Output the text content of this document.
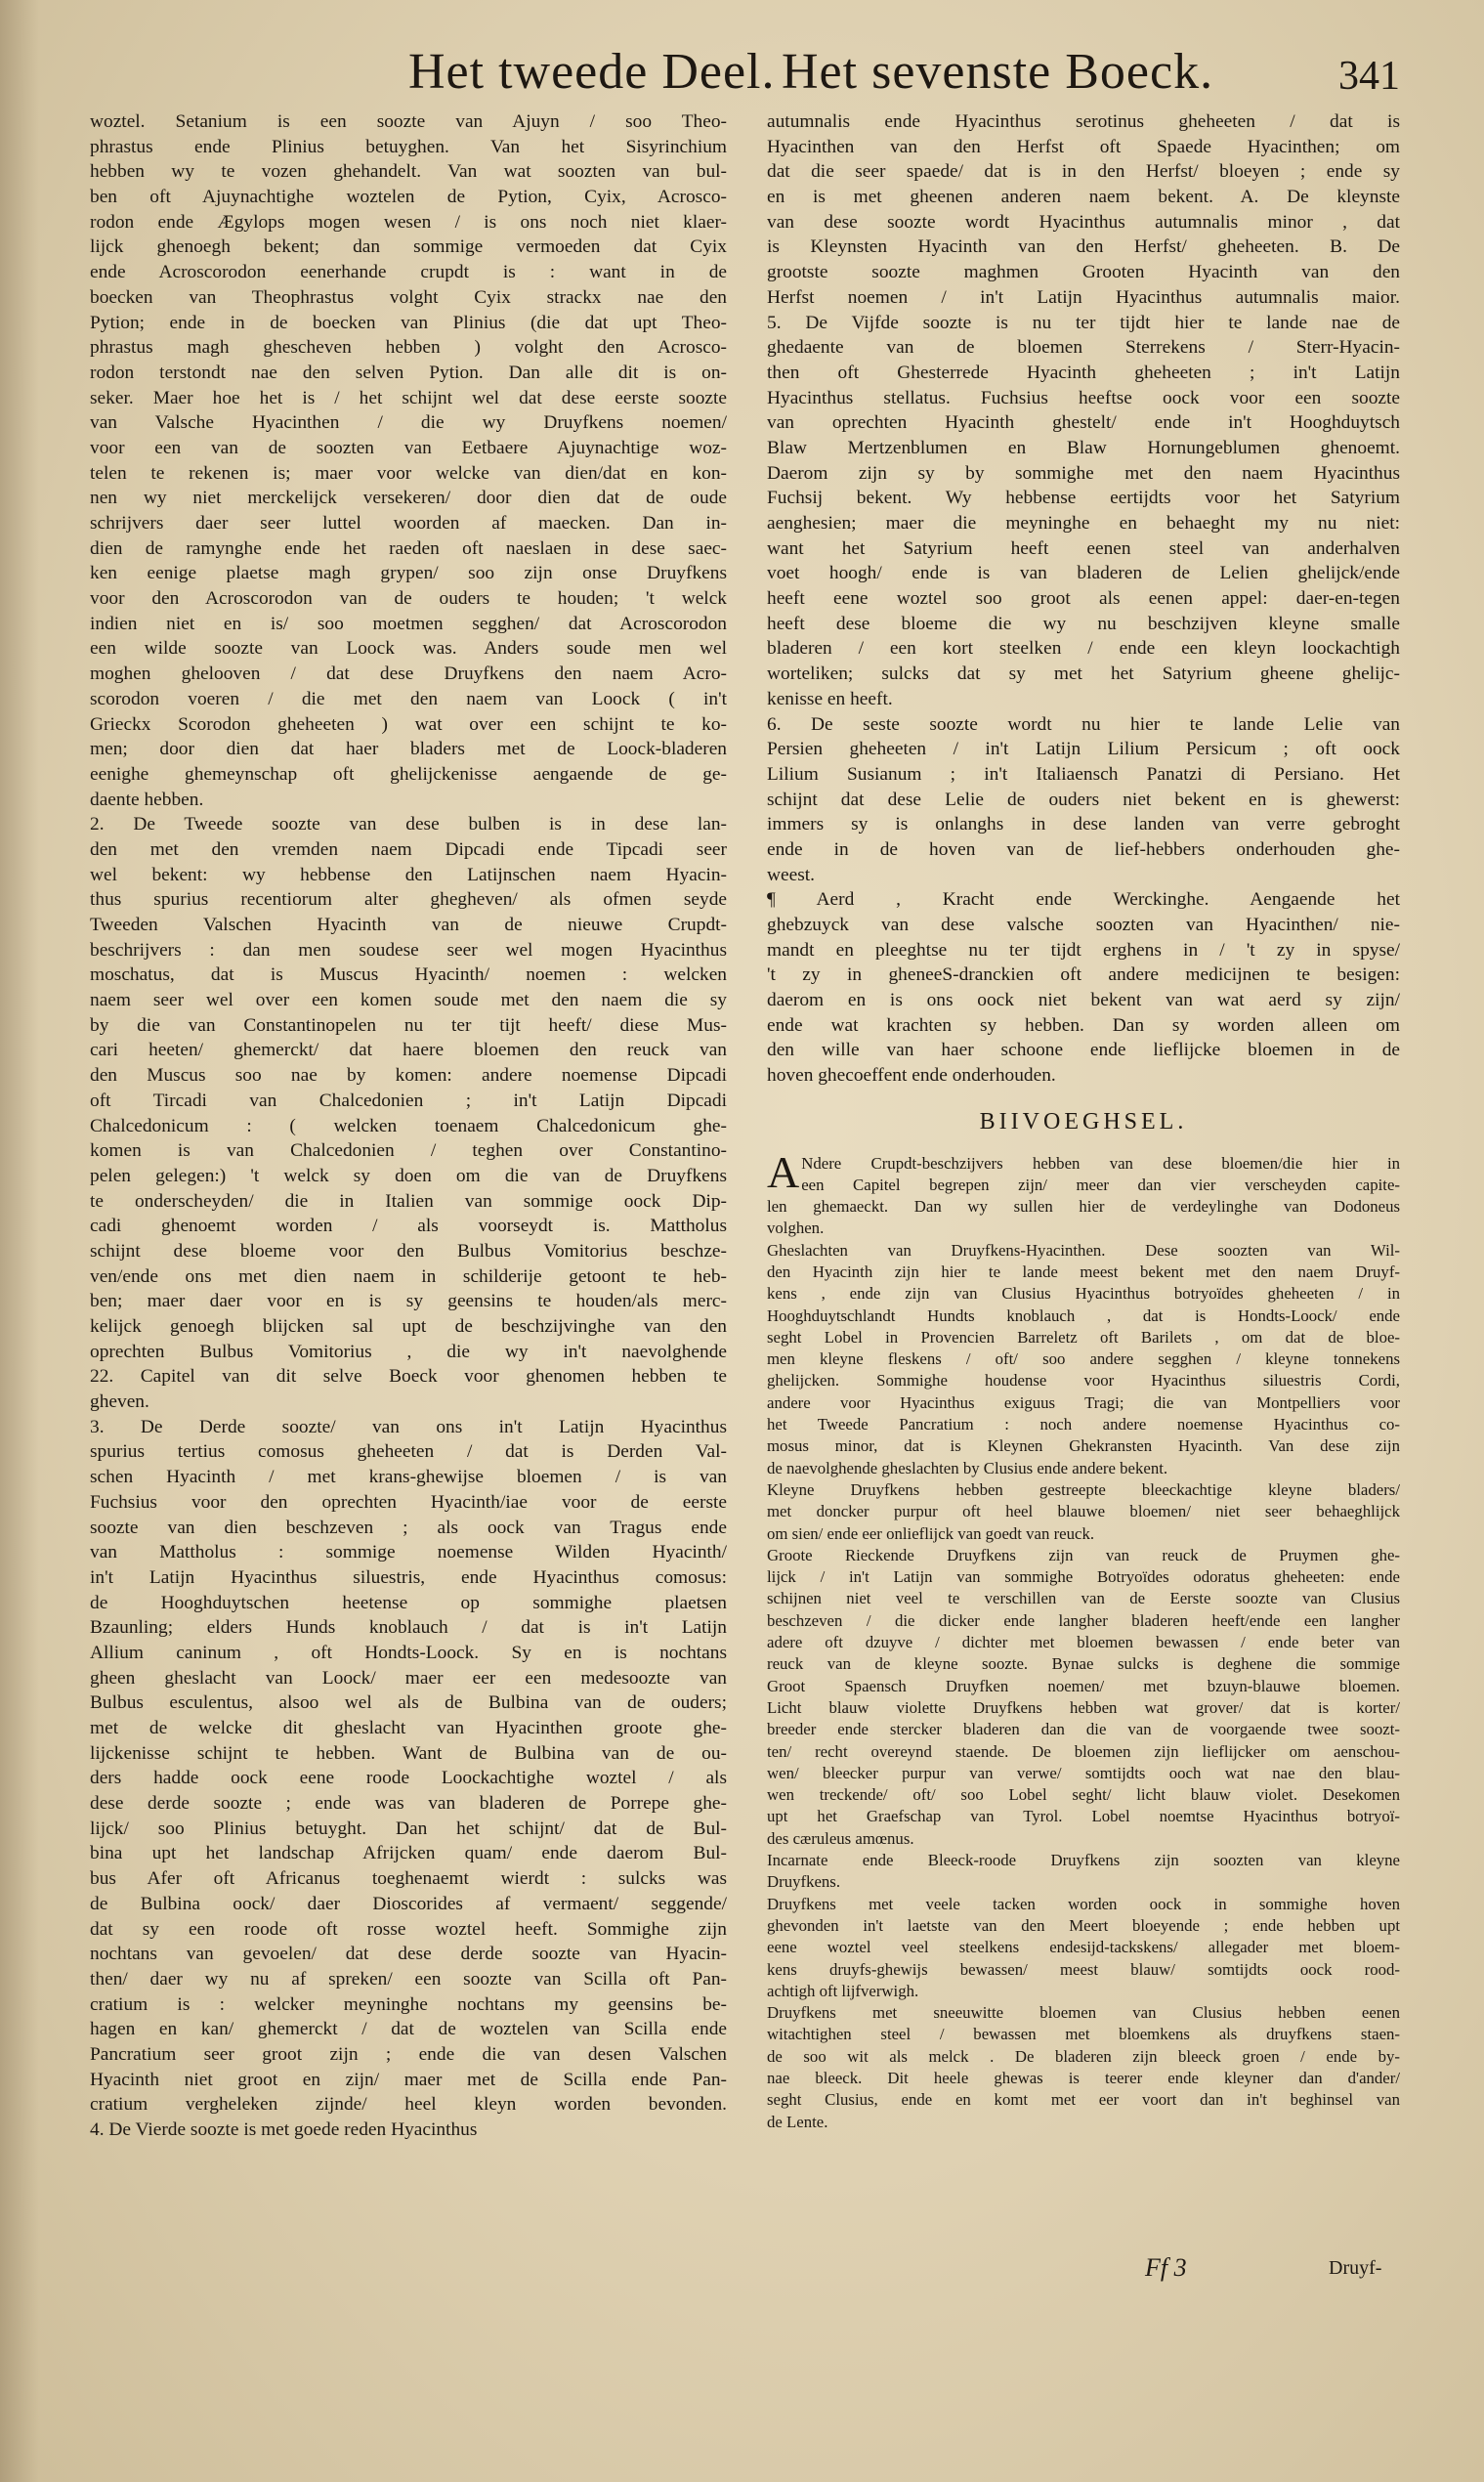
Het tweede Deel. Het sevenste Boeck.	341
woztel. Setanium is een soozte van Ajuyn / soo Theo-
phrastus ende Plinius betuyghen. Van het Sisyrinchium
hebben wy te vozen ghehandelt. Van wat soozten van bul-
ben oft Ajuynachtighe woztelen de Pytion, Cyix, Acrosco-
rodon ende Ægylops mogen wesen / is ons noch niet klaer-
lijck ghenoegh bekent; dan sommige vermoeden dat Cyix
ende Acroscorodon eenerhande crupdt is : want in de
boecken van Theophrastus volght Cyix strackx nae den
Pytion; ende in de boecken van Plinius (die dat upt Theo-
phrastus magh ghescheven hebben ) volght den Acrosco-
rodon terstondt nae den selven Pytion. Dan alle dit is on-
seker. Maer hoe het is / het schijnt wel dat dese eerste soozte
van Valsche Hyacinthen / die wy Druyfkens noemen/
voor een van de soozten van Eetbaere Ajuynachtige woz-
telen te rekenen is; maer voor welcke van dien/dat en kon-
nen wy niet merckelijck versekeren/ door dien dat de oude
schrijvers daer seer luttel woorden af maecken. Dan in-
dien de ramynghe ende het raeden oft naeslaen in dese saec-
ken eenige plaetse magh grypen/ soo zijn onse Druyfkens
voor den Acroscorodon van de ouders te houden; 't welck
indien niet en is/ soo moetmen segghen/ dat Acroscorodon
een wilde soozte van Loock was. Anders soude men wel
moghen ghelooven / dat dese Druyfkens den naem Acro-
scorodon voeren / die met den naem van Loock ( in't
Grieckx Scorodon gheheeten ) wat over een schijnt te ko-
men; door dien dat haer bladers met de Loock-bladeren
eenighe ghemeynschap oft ghelijckenisse aengaende de ge-
daente hebben.
2. De Tweede soozte van dese bulben is in dese lan-
den met den vremden naem Dipcadi ende Tipcadi seer
wel bekent: wy hebbense den Latijnschen naem Hyacin-
thus spurius recentiorum alter ghegheven/ als ofmen seyde
Tweeden Valschen Hyacinth van de nieuwe Crupdt-
beschrijvers : dan men soudese seer wel mogen Hyacinthus
moschatus, dat is Muscus Hyacinth/ noemen : welcken
naem seer wel over een komen soude met den naem die sy
by die van Constantinopelen nu ter tijt heeft/ diese Mus-
cari heeten/ ghemerckt/ dat haere bloemen den reuck van
den Muscus soo nae by komen: andere noemense Dipcadi
oft Tircadi van Chalcedonien ; in't Latijn Dipcadi
Chalcedonicum : ( welcken toenaem Chalcedonicum ghe-
komen is van Chalcedonien / teghen over Constantino-
pelen gelegen:) 't welck sy doen om die van de Druyfkens
te onderscheyden/ die in Italien van sommige oock Dip-
cadi ghenoemt worden / als voorseydt is. Mattholus
schijnt dese bloeme voor den Bulbus Vomitorius beschze-
ven/ende ons met dien naem in schilderije getoont te heb-
ben; maer daer voor en is sy geensins te houden/als merc-
kelijck genoegh blijcken sal upt de beschzijvinghe van den
oprechten Bulbus Vomitorius , die wy in't naevolghende
22. Capitel van dit selve Boeck voor ghenomen hebben te
gheven.
3. De Derde soozte/ van ons in't Latijn Hyacinthus
spurius tertius comosus gheheeten / dat is Derden Val-
schen Hyacinth / met krans-ghewijse bloemen / is van
Fuchsius voor den oprechten Hyacinth/iae voor de eerste
soozte van dien beschzeven ; als oock van Tragus ende
van Mattholus : sommige noemense Wilden Hyacinth/
in't Latijn Hyacinthus siluestris, ende Hyacinthus comosus:
de Hooghduytschen heetense op sommighe plaetsen
Bzaunling; elders Hunds knoblauch / dat is in't Latijn
Allium caninum , oft Hondts-Loock. Sy en is nochtans
gheen gheslacht van Loock/ maer eer een medesoozte van
Bulbus esculentus, alsoo wel als de Bulbina van de ouders;
met de welcke dit gheslacht van Hyacinthen groote ghe-
lijckenisse schijnt te hebben. Want de Bulbina van de ou-
ders hadde oock eene roode Loockachtighe woztel / als
dese derde soozte ; ende was van bladeren de Porrepe ghe-
lijck/ soo Plinius betuyght. Dan het schijnt/ dat de Bul-
bina upt het landschap Afrijcken quam/ ende daerom Bul-
bus Afer oft Africanus toeghenaemt wierdt : sulcks was
de Bulbina oock/ daer Dioscorides af vermaent/ seggende/
dat sy een roode oft rosse woztel heeft. Sommighe zijn
nochtans van gevoelen/ dat dese derde soozte van Hyacin-
then/ daer wy nu af spreken/ een soozte van Scilla oft Pan-
cratium is : welcker meyninghe nochtans my geensins be-
hagen en kan/ ghemerckt / dat de woztelen van Scilla ende
Pancratium seer groot zijn ; ende die van desen Valschen
Hyacinth niet groot en zijn/ maer met de Scilla ende Pan-
cratium vergheleken zijnde/ heel kleyn worden bevonden.
4. De Vierde soozte is met goede reden Hyacinthus
autumnalis ende Hyacinthus serotinus gheheeten / dat is
Hyacinthen van den Herfst oft Spaede Hyacinthen; om
dat die seer spaede/ dat is in den Herfst/ bloeyen ; ende sy
en is met gheenen anderen naem bekent. A. De kleynste
van dese soozte wordt Hyacinthus autumnalis minor , dat
is Kleynsten Hyacinth van den Herfst/ gheheeten. B. De
grootste soozte maghmen Grooten Hyacinth van den
Herfst noemen / in't Latijn Hyacinthus autumnalis maior.
5. De Vijfde soozte is nu ter tijdt hier te lande nae de
ghedaente van de bloemen Sterrekens / Sterr-Hyacin-
then oft Ghesterrede Hyacinth gheheeten ; in't Latijn
Hyacinthus stellatus. Fuchsius heeftse oock voor een soozte
van oprechten Hyacinth ghestelt/ ende in't Hooghduytsch
Blaw Mertzenblumen en Blaw Hornungeblumen ghenoemt.
Daerom zijn sy by sommighe met den naem Hyacinthus
Fuchsij bekent. Wy hebbense eertijdts voor het Satyrium
aenghesien; maer die meyninghe en behaeght my nu niet:
want het Satyrium heeft eenen steel van anderhalven
voet hoogh/ ende is van bladeren de Lelien ghelijck/ende
heeft eene woztel soo groot als eenen appel: daer-en-tegen
heeft dese bloeme die wy nu beschzijven kleyne smalle
bladeren / een kort steelken / ende een kleyn loockachtigh
worteliken; sulcks dat sy met het Satyrium gheene ghelijc-
kenisse en heeft.
6. De seste soozte wordt nu hier te lande Lelie van
Persien gheheeten / in't Latijn Lilium Persicum ; oft oock
Lilium Susianum ; in't Italiaensch Panatzi di Persiano. Het
schijnt dat dese Lelie de ouders niet bekent en is ghewerst:
immers sy is onlanghs in dese landen van verre gebroght
ende in de hoven van de lief-hebbers onderhouden ghe-
weest.
¶ Aerd , Kracht ende Werckinghe. Aengaende het
ghebzuyck van dese valsche soozten van Hyacinthen/ nie-
mandt en pleeghtse nu ter tijdt erghens in / 't zy in spyse/
't zy in gheneeS-dranckien oft andere medicijnen te besigen:
daerom en is ons oock niet bekent van wat aerd sy zijn/
ende wat krachten sy hebben. Dan sy worden alleen om
den wille van haer schoone ende lieflijcke bloemen in de
hoven ghecoeffent ende onderhouden.
BIIVOEGHSEL.
A Ndere Crupdt-beschzijvers hebben van dese bloemen/die hier in
een Capitel begrepen zijn/ meer dan vier verscheyden capite-
len ghemaeckt. Dan wy sullen hier de verdeylinghe van Dodoneus
volghen.
Gheslachten van Druyfkens-Hyacinthen. Dese soozten van Wil-
den Hyacinth zijn hier te lande meest bekent met den naem Druyf-
kens , ende zijn van Clusius Hyacinthus botryoïdes gheheeten / in
Hooghduytschlandt Hundts knoblauch , dat is Hondts-Loock/ ende
seght Lobel in Provencien Barreletz oft Barilets , om dat de bloe-
men kleyne fleskens / oft/ soo andere segghen / kleyne tonnekens
ghelijcken. Sommighe houdense voor Hyacinthus siluestris Cordi,
andere voor Hyacinthus exiguus Tragi; die van Montpelliers voor
het Tweede Pancratium : noch andere noemense Hyacinthus co-
mosus minor, dat is Kleynen Ghekransten Hyacinth. Van dese zijn
de naevolghende gheslachten by Clusius ende andere bekent.
Kleyne Druyfkens hebben gestreepte bleeckachtige kleyne bladers/
met doncker purpur oft heel blauwe bloemen/ niet seer behaeghlijck
om sien/ ende eer onlieflijck van goedt van reuck.
Groote Rieckende Druyfkens zijn van reuck de Pruymen ghe-
lijck / in't Latijn van sommighe Botryoïdes odoratus gheheeten: ende
schijnen niet veel te verschillen van de Eerste soozte van Clusius
beschzeven / die dicker ende langher bladeren heeft/ende een langher
adere oft dzuyve / dichter met bloemen bewassen / ende beter van
reuck van de kleyne soozte. Bynae sulcks is deghene die sommige
Groot Spaensch Druyfken noemen/ met bzuyn-blauwe bloemen.
Licht blauw violette Druyfkens hebben wat grover/ dat is korter/
breeder ende stercker bladeren dan die van de voorgaende twee soozt-
ten/ recht overeynd staende. De bloemen zijn lieflijcker om aenschou-
wen/ bleecker purpur van verwe/ somtijdts ooch wat nae den blau-
wen treckende/ oft/ soo Lobel seght/ licht blauw violet. Desekomen
upt het Graefschap van Tyrol. Lobel noemtse Hyacinthus botryoï-
des cæruleus amœnus.
Incarnate ende Bleeck-roode Druyfkens zijn soozten van kleyne
Druyfkens.
Druyfkens met veele tacken worden oock in sommighe hoven
ghevonden in't laetste van den Meert bloeyende ; ende hebben upt
eene woztel veel steelkens endesijd-tackskens/ allegader met bloem-
kens druyfs-ghewijs bewassen/ meest blauw/ somtijdts oock rood-
achtigh oft lijfverwigh.
Druyfkens met sneeuwitte bloemen van Clusius hebben eenen
witachtighen steel / bewassen met bloemkens als druyfkens staen-
de soo wit als melck . De bladeren zijn bleeck groen / ende by-
nae bleeck. Dit heele ghewas is teerer ende kleyner dan d'ander/
seght Clusius, ende en komt met eer voort dan in't beghinsel van
de Lente.
Ff 3	Druyf-
